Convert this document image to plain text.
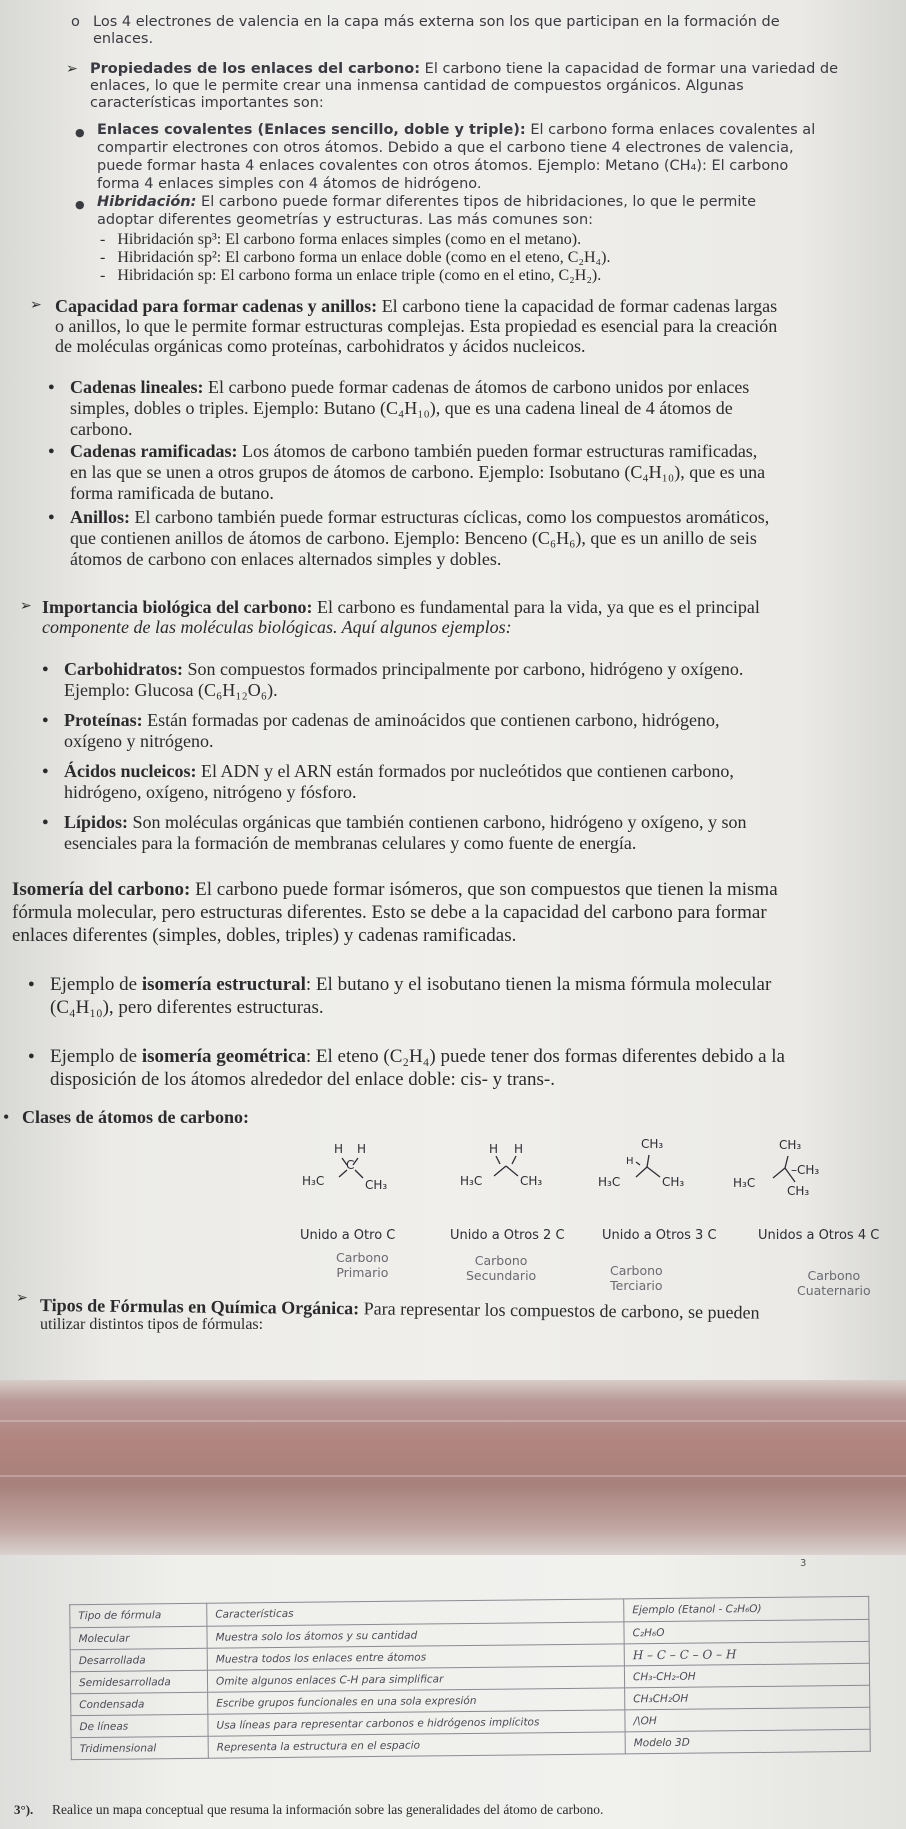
o Los 4 electrones de valencia en la capa más externa son los que participan en la formación de
enlaces.
➢ Propiedades de los enlaces del carbono: El carbono tiene la capacidad de formar una variedad de
enlaces, lo que le permite crear una inmensa cantidad de compuestos orgánicos. Algunas
características importantes son:
● Enlaces covalentes (Enlaces sencillo, doble y triple): El carbono forma enlaces covalentes al
compartir electrones con otros átomos. Debido a que el carbono tiene 4 electrones de valencia,
puede formar hasta 4 enlaces covalentes con otros átomos. Ejemplo: Metano (CH₄): El carbono
forma 4 enlaces simples con 4 átomos de hidrógeno.
● Hibridación: El carbono puede formar diferentes tipos de hibridaciones, lo que le permite
adoptar diferentes geometrías y estructuras. Las más comunes son:
-   Hibridación sp³: El carbono forma enlaces simples (como en el metano).
-   Hibridación sp²: El carbono forma un enlace doble (como en el eteno, C₂H₄).
-   Hibridación sp: El carbono forma un enlace triple (como en el etino, C₂H₂).
➢ Capacidad para formar cadenas y anillos: El carbono tiene la capacidad de formar cadenas largas
o anillos, lo que le permite formar estructuras complejas. Esta propiedad es esencial para la creación
de moléculas orgánicas como proteínas, carbohidratos y ácidos nucleicos.
● Cadenas lineales: El carbono puede formar cadenas de átomos de carbono unidos por enlaces
simples, dobles o triples. Ejemplo: Butano (C₄H₁₀), que es una cadena lineal de 4 átomos de
carbono.
● Cadenas ramificadas: Los átomos de carbono también pueden formar estructuras ramificadas,
en las que se unen a otros grupos de átomos de carbono. Ejemplo: Isobutano (C₄H₁₀), que es una
forma ramificada de butano.
● Anillos: El carbono también puede formar estructuras cíclicas, como los compuestos aromáticos,
que contienen anillos de átomos de carbono. Ejemplo: Benceno (C₆H₆), que es un anillo de seis
átomos de carbono con enlaces alternados simples y dobles.
➢ Importancia biológica del carbono: El carbono es fundamental para la vida, ya que es el principal
componente de las moléculas biológicas. Aquí algunos ejemplos:
● Carbohidratos: Son compuestos formados principalmente por carbono, hidrógeno y oxígeno.
Ejemplo: Glucosa (C₆H₁₂O₆).
● Proteínas: Están formadas por cadenas de aminoácidos que contienen carbono, hidrógeno,
oxígeno y nitrógeno.
● Ácidos nucleicos: El ADN y el ARN están formados por nucleótidos que contienen carbono,
hidrógeno, oxígeno, nitrógeno y fósforo.
● Lípidos: Son moléculas orgánicas que también contienen carbono, hidrógeno y oxígeno, y son
esenciales para la formación de membranas celulares y como fuente de energía.
Isomería del carbono: El carbono puede formar isómeros, que son compuestos que tienen la misma
fórmula molecular, pero estructuras diferentes. Esto se debe a la capacidad del carbono para formar
enlaces diferentes (simples, dobles, triples) y cadenas ramificadas.
● Ejemplo de isomería estructural: El butano y el isobutano tienen la misma fórmula molecular
(C₄H₁₀), pero diferentes estructuras.
● Ejemplo de isomería geométrica: El eteno (C₂H₄) puede tener dos formas diferentes debido a la
disposición de los átomos alrededor del enlace doble: cis- y trans-.
• Clases de átomos de carbono:
H H
C
H₃C	CH₃
H H
H₃C	CH₃
CH₃
H
H₃C	CH₃
CH₃
–CH₃
H₃C
CH₃
Unido a Otro C	Unido a Otros 2 C	Unido a Otros 3 C	Unidos a Otros 4 C
Carbono
Primario
Carbono
Secundario	Carbono
Terciario
Carbono
Cuaternario
➢ Tipos de Fórmulas en Química Orgánica: Para representar los compuestos de carbono, se pueden
utilizar distintos tipos de fórmulas:
3
Tipo de fórmula	Características	Ejemplo (Etanol - C₂H₆O)
Molecular	Muestra solo los átomos y su cantidad	C₂H₆O
Desarrollada	Muestra todos los enlaces entre átomos	H – C – C – O – H
Semidesarrollada	Omite algunos enlaces C-H para simplificar	CH₃-CH₂-OH
Condensada	Escribe grupos funcionales en una sola expresión	CH₃CH₂OH
De líneas	Usa líneas para representar carbonos e hidrógenos implícitos	/\OH
Tridimensional	Representa la estructura en el espacio	Modelo 3D
3°). Realice un mapa conceptual que resuma la información sobre las generalidades del átomo de carbono.
